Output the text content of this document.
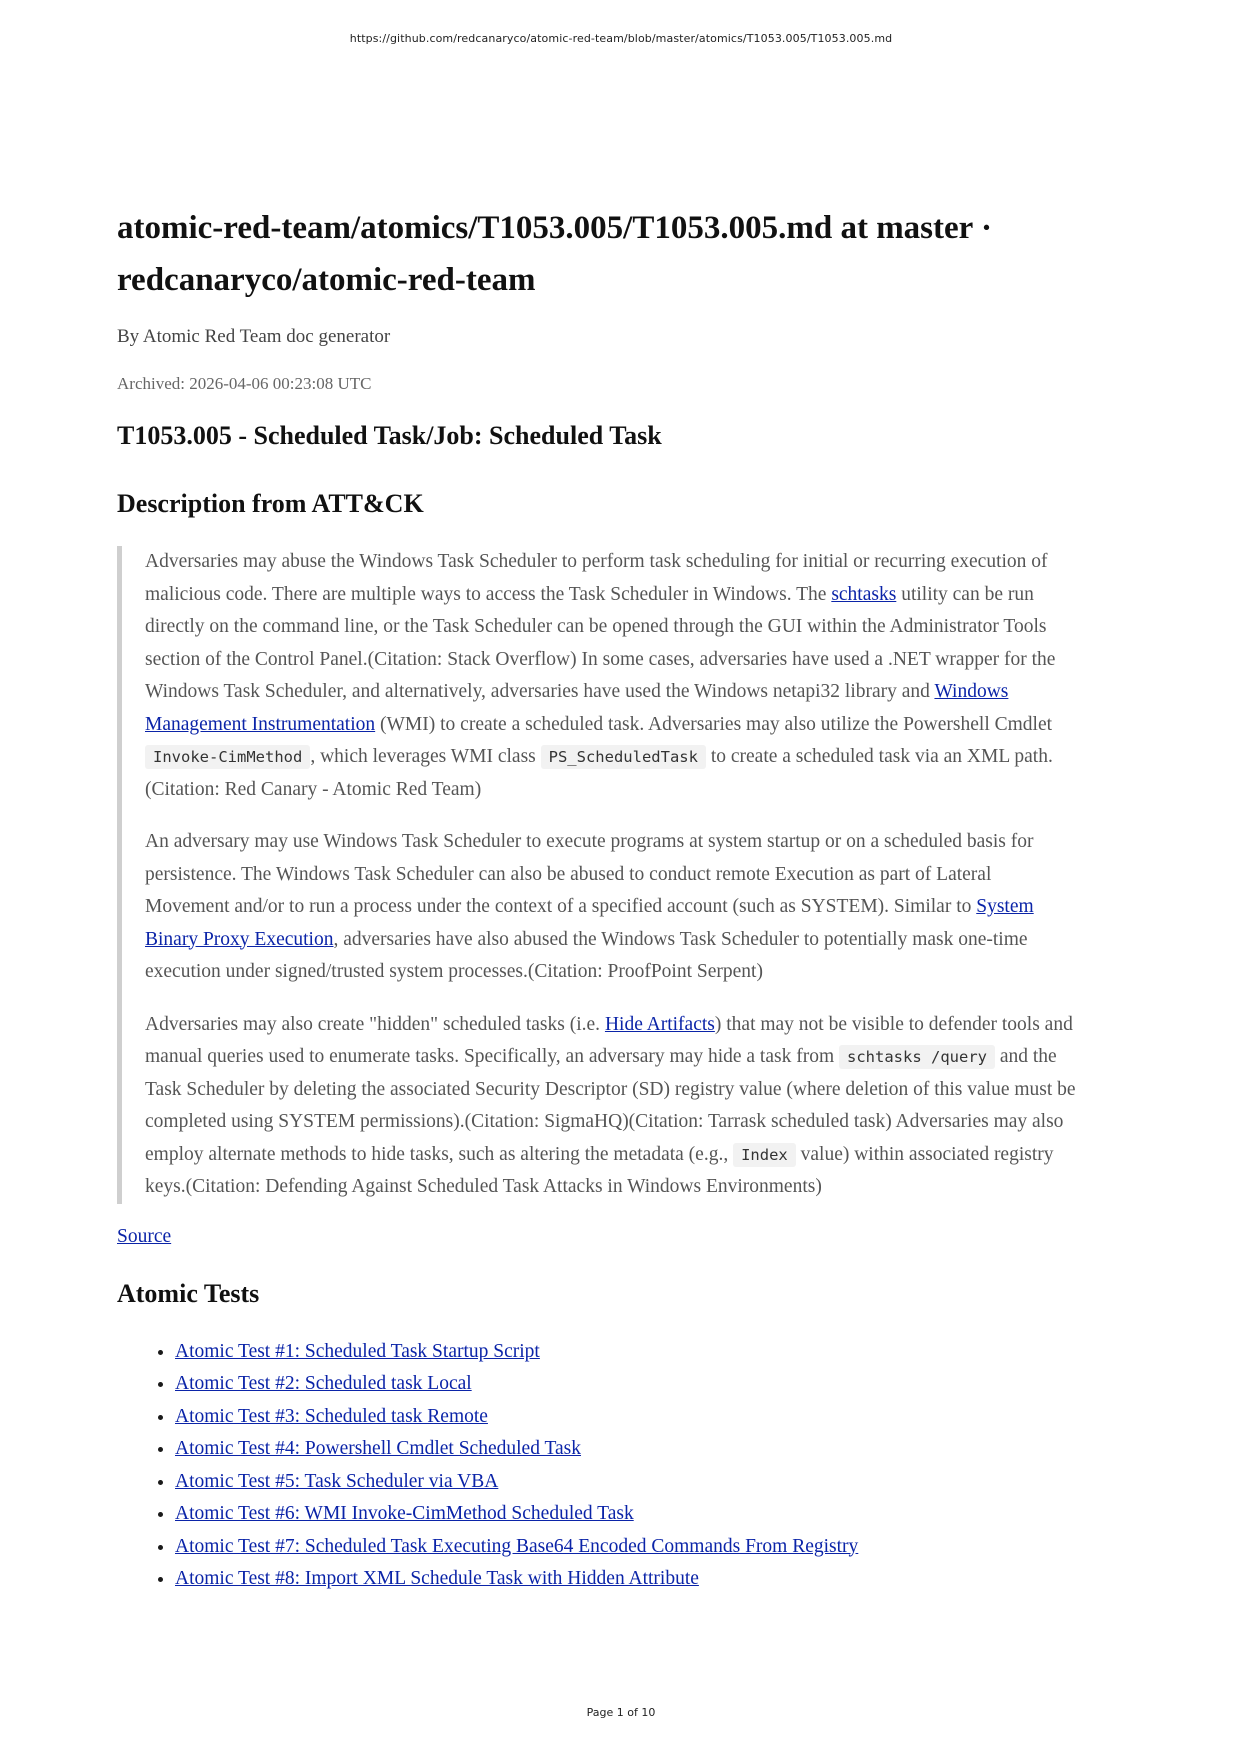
https://github.com/redcanaryco/atomic-red-team/blob/master/atomics/T1053.005/T1053.005.md
atomic-red-team/atomics/T1053.005/T1053.005.md at master · redcanaryco/atomic-red-team
By Atomic Red Team doc generator
Archived: 2026-04-06 00:23:08 UTC
T1053.005 - Scheduled Task/Job: Scheduled Task
Description from ATT&CK

Adversaries may abuse the Windows Task Scheduler to perform task scheduling for initial or recurring execution of malicious code. There are multiple ways to access the Task Scheduler in Windows. The schtasks utility can be run directly on the command line, or the Task Scheduler can be opened through the GUI within the Administrator Tools section of the Control Panel.(Citation: Stack Overflow) In some cases, adversaries have used a .NET wrapper for the Windows Task Scheduler, and alternatively, adversaries have used the Windows netapi32 library and Windows Management Instrumentation (WMI) to create a scheduled task. Adversaries may also utilize the Powershell Cmdlet Invoke-CimMethod , which leverages WMI class PS_ScheduledTask to create a scheduled task via an XML path.(Citation: Red Canary - Atomic Red Team)

An adversary may use Windows Task Scheduler to execute programs at system startup or on a scheduled basis for persistence. The Windows Task Scheduler can also be abused to conduct remote Execution as part of Lateral Movement and/or to run a process under the context of a specified account (such as SYSTEM). Similar to System Binary Proxy Execution, adversaries have also abused the Windows Task Scheduler to potentially mask one-time execution under signed/trusted system processes.(Citation: ProofPoint Serpent)

Adversaries may also create "hidden" scheduled tasks (i.e. Hide Artifacts) that may not be visible to defender tools and manual queries used to enumerate tasks. Specifically, an adversary may hide a task from schtasks /query and the Task Scheduler by deleting the associated Security Descriptor (SD) registry value (where deletion of this value must be completed using SYSTEM permissions).(Citation: SigmaHQ)(Citation: Tarrask scheduled task) Adversaries may also employ alternate methods to hide tasks, such as altering the metadata (e.g., Index value) within associated registry keys.(Citation: Defending Against Scheduled Task Attacks in Windows Environments)

Source
Atomic Tests
• Atomic Test #1: Scheduled Task Startup Script
• Atomic Test #2: Scheduled task Local
• Atomic Test #3: Scheduled task Remote
• Atomic Test #4: Powershell Cmdlet Scheduled Task
• Atomic Test #5: Task Scheduler via VBA
• Atomic Test #6: WMI Invoke-CimMethod Scheduled Task
• Atomic Test #7: Scheduled Task Executing Base64 Encoded Commands From Registry
• Atomic Test #8: Import XML Schedule Task with Hidden Attribute
Page 1 of 10
